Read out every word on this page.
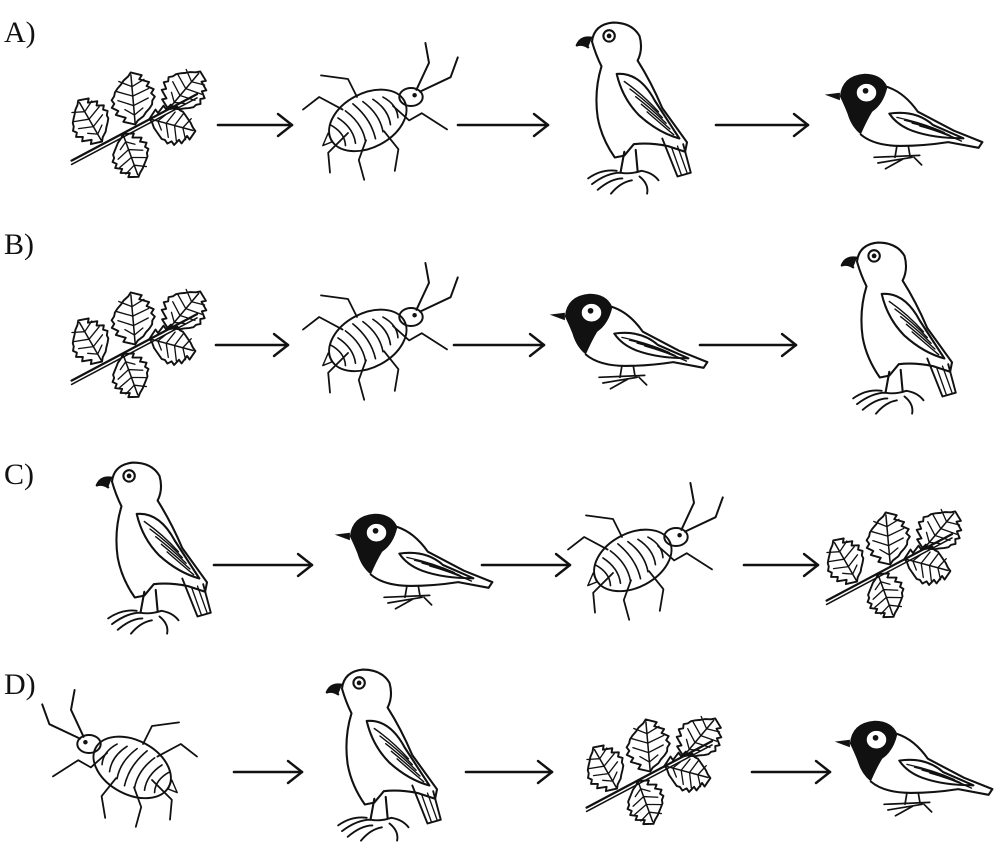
A)
B)
C)
D)
